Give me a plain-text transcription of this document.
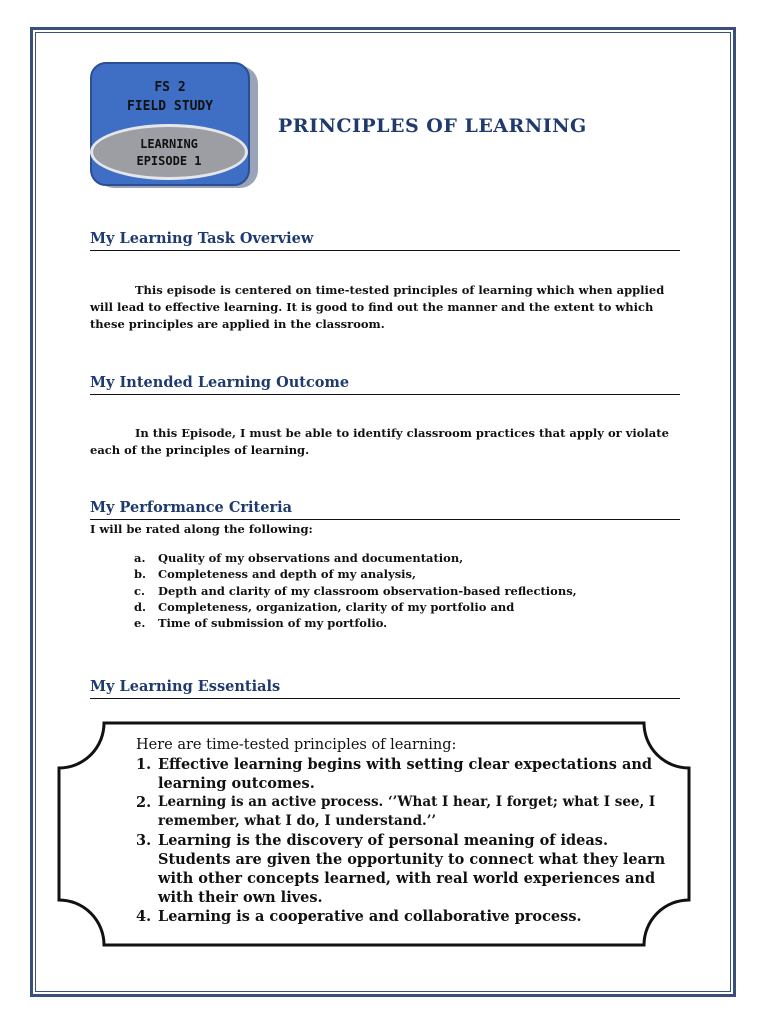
FS 2
FIELD STUDY
LEARNING
EPISODE 1
PRINCIPLES OF LEARNING
My Learning Task Overview

This episode is centered on time-tested principles of learning which when applied will lead to effective learning. It is good to find out the manner and the extent to which these principles are applied in the classroom.

My Intended Learning Outcome

In this Episode, I must be able to identify classroom practices that apply or violate each of the principles of learning.

My Performance Criteria

I will be rated along the following:

a.	Quality of my observations and documentation,
b.	Completeness and depth of my analysis,
c.	Depth and clarity of my classroom observation-based reflections,
d.	Completeness, organization, clarity of my portfolio and
e.	Time of submission of my portfolio.
My Learning Essentials

Here are time-tested principles of learning:

1. Effective learning begins with setting clear expectations and learning outcomes.
2. Learning is an active process. ‘’What I hear, I forget; what I see, I remember, what I do, I understand.’’
3. Learning is the discovery of personal meaning of ideas. Students are given the opportunity to connect what they learn with other concepts learned, with real world experiences and with their own lives.
4. Learning is a cooperative and collaborative process.
